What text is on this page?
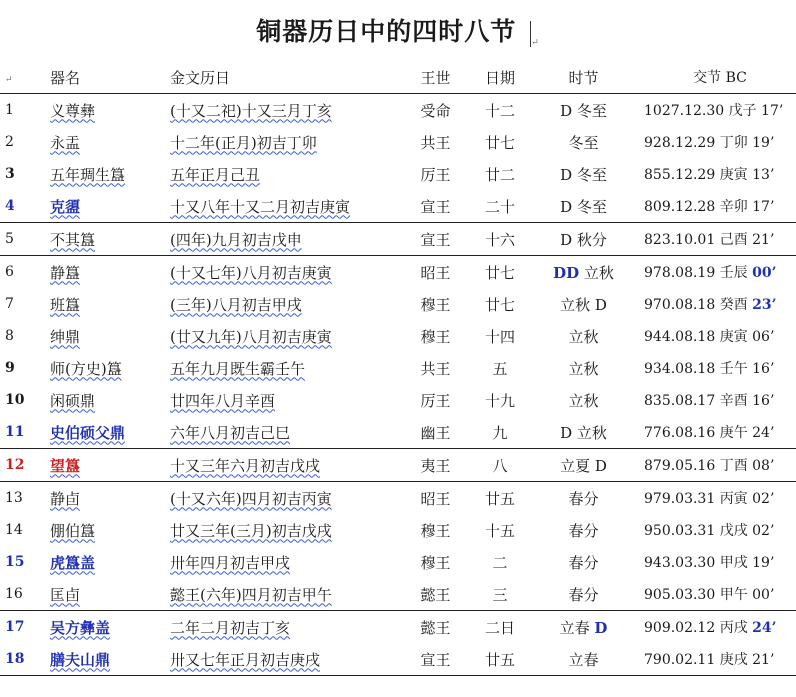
铜器历日中的四时八节 ↵
↵	器名	金文历日	王世	日期	时节	交节 BC
1	义尊彝	(十又二祀)十又三月丁亥	受命	十二	D 冬至	1027.12.30 戊子 17’
2	永盂	十二年(正月)初吉丁卯	共王	廿七	冬至	928.12.29 丁卯 19’
3	五年琱生簋	五年正月己丑	厉王	廿二	D 冬至	855.12.29 庚寅 13’
4	克盨	十又八年十又二月初吉庚寅	宣王	二十	D 冬至	809.12.28 辛卯 17’
5	不其簋	(四年)九月初吉戊申	宣王	十六	D 秋分	823.10.01 己酉 21’
6	静簋	(十又七年)八月初吉庚寅	昭王	廿七	DD 立秋	978.08.19 壬辰 00’
7	班簋	(三年)八月初吉甲戌	穆王	廿七	立秋 D	970.08.18 癸酉 23’
8	绅鼎	(廿又九年)八月初吉庚寅	穆王	十四	立秋	944.08.18 庚寅 06’
9	师(方史)簋	五年九月既生霸壬午	共王	五	立秋	934.08.18 壬午 16’
10	闲硕鼎	廿四年八月辛酉	厉王	十九	立秋	835.08.17 辛酉 16’
11	史伯硕父鼎	六年八月初吉己巳	幽王	九	D 立秋	776.08.16 庚午 24’
12	望簋	十又三年六月初吉戊戌	夷王	八	立夏 D	879.05.16 丁酉 08’
13	静卣	(十又六年)四月初吉丙寅	昭王	廿五	春分	979.03.31 丙寅 02’
14	倗伯簋	廿又三年(三月)初吉戊戌	穆王	十五	春分	950.03.31 戊戌 02’
15	虎簋盖	卅年四月初吉甲戌	穆王	二	春分	943.03.30 甲戌 19’
16	匡卣	懿王(六年)四月初吉甲午	懿王	三	春分	905.03.30 甲午 00’
17	吴方彝盖	二年二月初吉丁亥	懿王	二日	立春 D	909.02.12 丙戌 24’
18	膳夫山鼎	卅又七年正月初吉庚戌	宣王	廿五	立春	790.02.11 庚戌 21’
